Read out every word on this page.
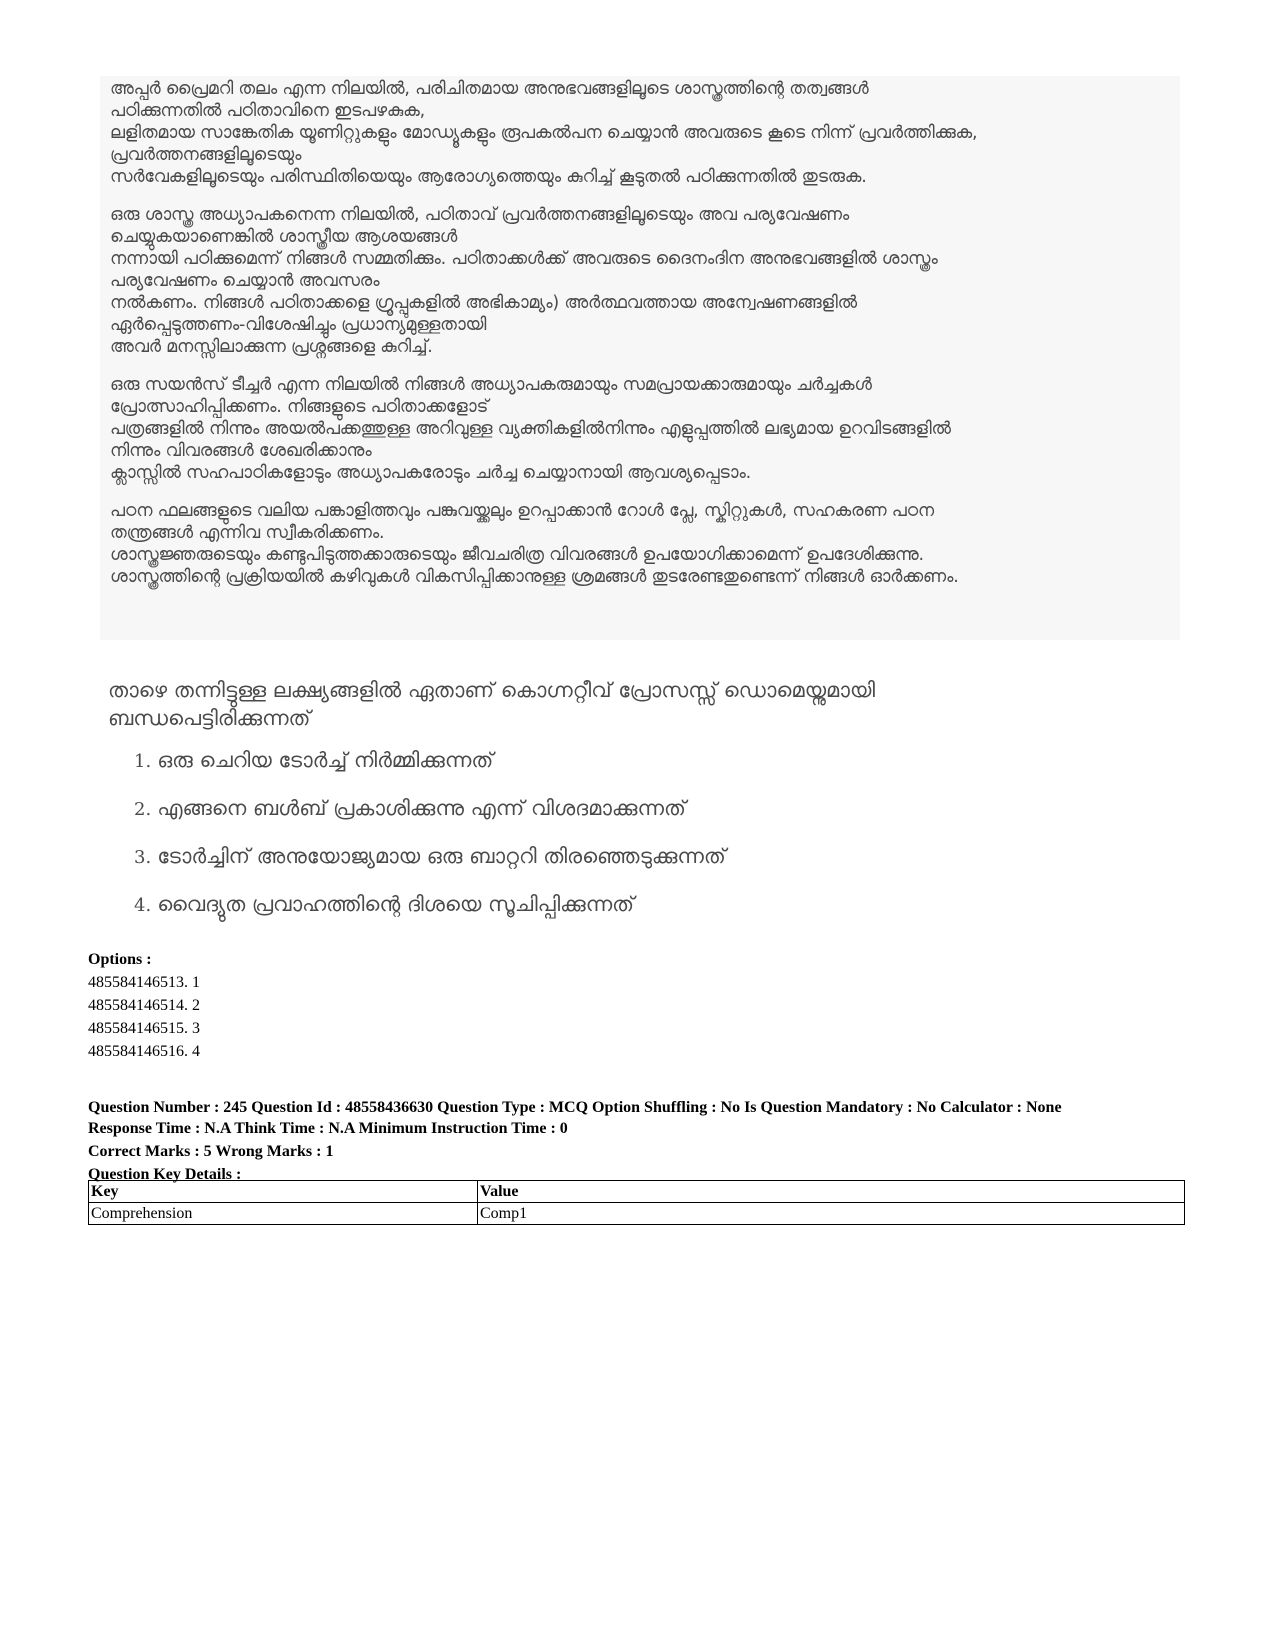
അപ്പർ പ്രൈമറി തലം എന്ന നിലയിൽ, പരിചിതമായ അനുഭവങ്ങളിലൂടെ ശാസ്ത്രത്തിന്റെ തത്വങ്ങൾ
പഠിക്കുന്നതിൽ പഠിതാവിനെ ഇടപഴകുക,
ലളിതമായ സാങ്കേതിക യൂണിറ്റുകളും മോഡ്യൂകളും രൂപകൽപന ചെയ്യാൻ അവരുടെ കൂടെ നിന്ന് പ്രവർത്തിക്കുക,
പ്രവർത്തനങ്ങളിലൂടെയും
സർവേകളിലൂടെയും പരിസ്ഥിതിയെയും ആരോഗ്യത്തെയും കുറിച്ച് കൂടുതൽ പഠിക്കുന്നതിൽ തുടരുക.
ഒരു ശാസ്ത്ര അധ്യാപകനെന്ന നിലയിൽ, പഠിതാവ് പ്രവർത്തനങ്ങളിലൂടെയും അവ പര്യവേഷണം
ചെയ്യുകയാണെങ്കിൽ ശാസ്ത്രീയ ആശയങ്ങൾ
നന്നായി പഠിക്കുമെന്ന് നിങ്ങൾ സമ്മതിക്കും. പഠിതാക്കൾക്ക് അവരുടെ ദൈനംദിന അനുഭവങ്ങളിൽ ശാസ്ത്രം
പര്യവേഷണം ചെയ്യാൻ അവസരം
നൽകണം. നിങ്ങൾ പഠിതാക്കളെ ഗ്രൂപ്പുകളിൽ അഭികാമ്യം) അർത്ഥവത്തായ അന്വേഷണങ്ങളിൽ
ഏർപ്പെടുത്തണം-വിശേഷിച്ചും പ്രധാന്യമുള്ളതായി
അവർ മനസ്സിലാക്കുന്ന പ്രശ്നങ്ങളെ കുറിച്ച്.
ഒരു സയൻസ് ടീച്ചർ എന്ന നിലയിൽ നിങ്ങൾ അധ്യാപകരുമായും സമപ്രായക്കാരുമായും ചർച്ചകൾ
പ്രോത്സാഹിപ്പിക്കണം. നിങ്ങളുടെ പഠിതാക്കളോട്
പത്രങ്ങളിൽ നിന്നും അയൽപക്കത്തുള്ള അറിവുള്ള വ്യക്തികളിൽനിന്നും എളുപ്പത്തിൽ ലഭ്യമായ ഉറവിടങ്ങളിൽ
നിന്നും വിവരങ്ങൾ ശേഖരിക്കാനും
ക്ലാസ്സിൽ സഹപാഠികളോടും അധ്യാപകരോടും ചർച്ച ചെയ്യാനായി ആവശ്യപ്പെടാം.
പഠന ഫലങ്ങളുടെ വലിയ പങ്കാളിത്തവും പങ്കുവയ്ക്കലും ഉറപ്പാക്കാൻ റോൾ പ്ലേ, സ്കിറ്റുകൾ, സഹകരണ പഠന
തന്ത്രങ്ങൾ എന്നിവ സ്വീകരിക്കണം.
ശാസ്ത്രജ്ഞരുടെയും കണ്ടുപിടുത്തക്കാരുടെയും ജീവചരിത്ര വിവരങ്ങൾ ഉപയോഗിക്കാമെന്ന് ഉപദേശിക്കുന്നു.
ശാസ്ത്രത്തിന്റെ പ്രക്രിയയിൽ കഴിവുകൾ വികസിപ്പിക്കാനുള്ള ശ്രമങ്ങൾ തുടരേണ്ടതുണ്ടെന്ന് നിങ്ങൾ ഓർക്കണം.
താഴെ തന്നിട്ടുള്ള ലക്ഷ്യങ്ങളിൽ ഏതാണ് കൊഗ്നറ്റീവ് പ്രോസസ്സ് ഡൊമെയ്നുമായി
ബന്ധപെട്ടിരിക്കുന്നത്
1. ഒരു ചെറിയ ടോർച്ച് നിർമ്മിക്കുന്നത്
2. എങ്ങനെ ബൾബ് പ്രകാശിക്കുന്നു എന്ന് വിശദമാക്കുന്നത്
3. ടോർച്ചിന് അനുയോജ്യമായ ഒരു ബാറ്ററി തിരഞ്ഞെടുക്കുന്നത്
4. വൈദ്യുത പ്രവാഹത്തിന്റെ ദിശയെ സൂചിപ്പിക്കുന്നത്
Options :
485584146513. 1
485584146514. 2
485584146515. 3
485584146516. 4
Question Number : 245 Question Id : 48558436630 Question Type : MCQ Option Shuffling : No Is Question Mandatory : No Calculator : None
Response Time : N.A Think Time : N.A Minimum Instruction Time : 0
Correct Marks : 5 Wrong Marks : 1
Question Key Details :
Key	Value
Comprehension	Comp1
